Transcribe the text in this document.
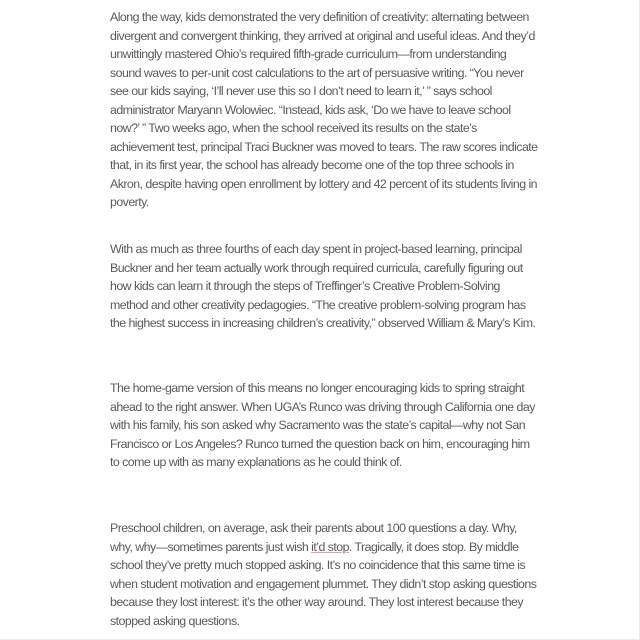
Along the way, kids demonstrated the very definition of creativity: alternating between divergent and convergent thinking, they arrived at original and useful ideas. And they’d unwittingly mastered Ohio’s required fifth-grade curriculum—from understanding sound waves to per-unit cost calculations to the art of persuasive writing. “You never see our kids saying, ‘I’ll never use this so I don’t need to learn it,’ ” says school administrator Maryann Wolowiec. “Instead, kids ask, ‘Do we have to leave school now?’ ” Two weeks ago, when the school received its results on the state’s achievement test, principal Traci Buckner was moved to tears. The raw scores indicate that, in its first year, the school has already become one of the top three schools in Akron, despite having open enrollment by lottery and 42 percent of its students living in poverty.

With as much as three fourths of each day spent in project-based learning, principal Buckner and her team actually work through required curricula, carefully figuring out how kids can learn it through the steps of Treffinger’s Creative Problem-Solving method and other creativity pedagogies. “The creative problem-solving program has the highest success in increasing children’s creativity,” observed William & Mary’s Kim.

The home-game version of this means no longer encouraging kids to spring straight ahead to the right answer. When UGA’s Runco was driving through California one day with his family, his son asked why Sacramento was the state’s capital—why not San Francisco or Los Angeles? Runco turned the question back on him, encouraging him to come up with as many explanations as he could think of.

Preschool children, on average, ask their parents about 100 questions a day. Why, why, why—sometimes parents just wish it’d stop. Tragically, it does stop. By middle school they’ve pretty much stopped asking. It’s no coincidence that this same time is when student motivation and engagement plummet. They didn’t stop asking questions because they lost interest: it’s the other way around. They lost interest because they stopped asking questions.
